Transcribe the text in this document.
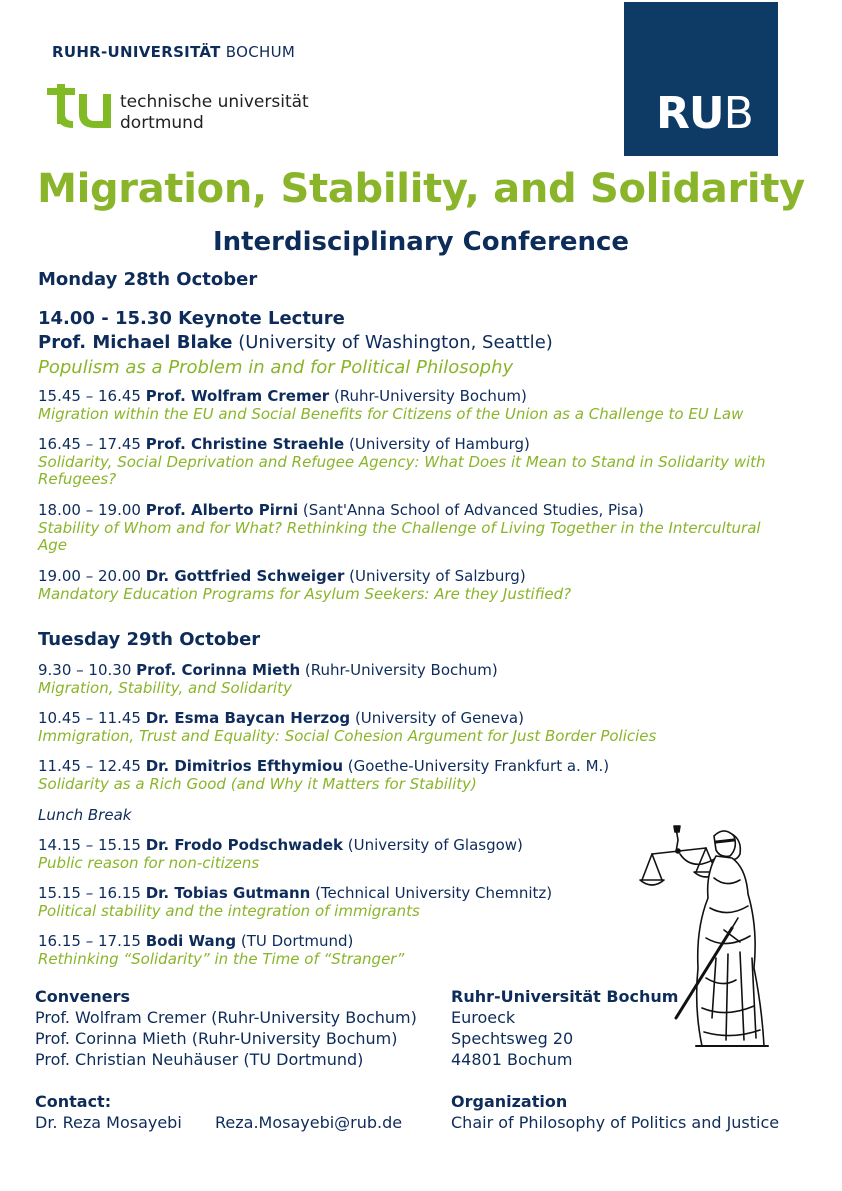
RUHR-UNIVERSITÄT BOCHUM
technische universität
dortmund	RUB
Migration, Stability, and Solidarity
Interdisciplinary Conference
Monday 28th October
14.00 - 15.30 Keynote Lecture
Prof. Michael Blake (University of Washington, Seattle)
Populism as a Problem in and for Political Philosophy
15.45 – 16.45 Prof. Wolfram Cremer (Ruhr-University Bochum)
Migration within the EU and Social Benefits for Citizens of the Union as a Challenge to EU Law
16.45 – 17.45 Prof. Christine Straehle (University of Hamburg)
Solidarity, Social Deprivation and Refugee Agency: What Does it Mean to Stand in Solidarity with Refugees?
18.00 – 19.00 Prof. Alberto Pirni (Sant'Anna School of Advanced Studies, Pisa)
Stability of Whom and for What? Rethinking the Challenge of Living Together in the Intercultural Age
19.00 – 20.00 Dr. Gottfried Schweiger (University of Salzburg)
Mandatory Education Programs for Asylum Seekers: Are they Justified?
Tuesday 29th October
9.30 – 10.30 Prof. Corinna Mieth (Ruhr-University Bochum)
Migration, Stability, and Solidarity
10.45 – 11.45 Dr. Esma Baycan Herzog (University of Geneva)
Immigration, Trust and Equality: Social Cohesion Argument for Just Border Policies
11.45 – 12.45 Dr. Dimitrios Efthymiou (Goethe-University Frankfurt a. M.)
Solidarity as a Rich Good (and Why it Matters for Stability)
Lunch Break
14.15 – 15.15 Dr. Frodo Podschwadek (University of Glasgow)
Public reason for non-citizens
15.15 – 16.15 Dr. Tobias Gutmann (Technical University Chemnitz)
Political stability and the integration of immigrants
16.15 – 17.15 Bodi Wang (TU Dortmund)
Rethinking “Solidarity” in the Time of “Stranger”
Conveners
Prof. Wolfram Cremer (Ruhr-University Bochum)
Prof. Corinna Mieth (Ruhr-University Bochum)
Prof. Christian Neuhäuser (TU Dortmund)
Ruhr-Universität Bochum
Euroeck
Spechtsweg 20
44801 Bochum
Contact:
Dr. Reza Mosayebi Reza.Mosayebi@rub.de
Organization
Chair of Philosophy of Politics and Justice
